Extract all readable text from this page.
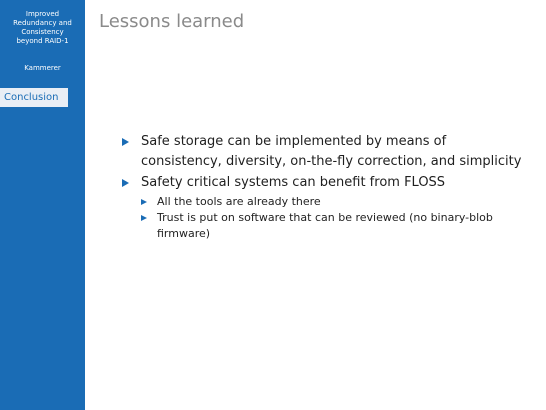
Improved
Redundancy and
Consistency
beyond RAID-1
Kammerer
Conclusion
Lessons learned
Safe storage can be implemented by means of consistency, diversity, on-the-fly correction, and simplicity
Safety critical systems can benefit from FLOSS
All the tools are already there
Trust is put on software that can be reviewed (no binary-blob firmware)
